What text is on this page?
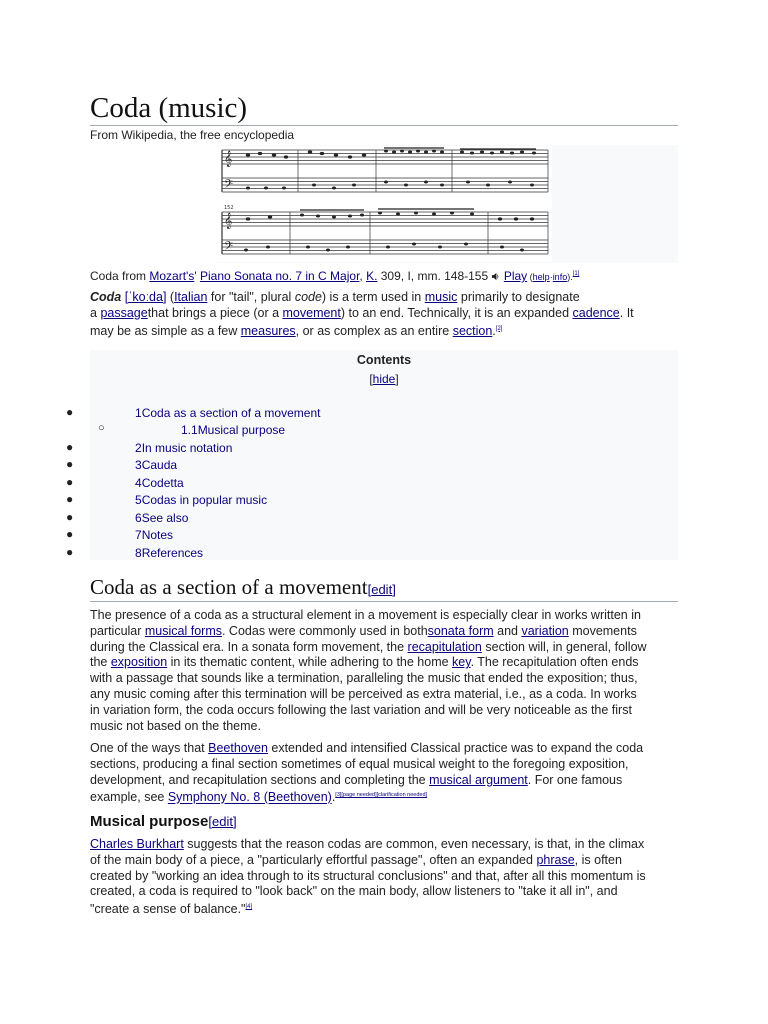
Coda (music)
From Wikipedia, the free encyclopedia
𝄞
𝄢
𝄞
𝄢
152
Coda from Mozart's' Piano Sonata no. 7 in C Major, K. 309, I, mm. 148-155  Play (help·info).[1]
Coda [ˈkoːda] (Italian for "tail", plural code) is a term used in music primarily to designate
a passagethat brings a piece (or a movement) to an end. Technically, it is an expanded cadence. It
may be as simple as a few measures, or as complex as an entire section.[2]
Contents
[hide]
●	1Coda as a section of a movement
○	1.1Musical purpose
●	2In music notation
●	3Cauda
●	4Codetta
●	5Codas in popular music
●	6See also
●	7Notes
●	8References
Coda as a section of a movement[edit]
The presence of a coda as a structural element in a movement is especially clear in works written in
particular musical forms. Codas were commonly used in bothsonata form and variation movements
during the Classical era. In a sonata form movement, the recapitulation section will, in general, follow
the exposition in its thematic content, while adhering to the home key. The recapitulation often ends
with a passage that sounds like a termination, paralleling the music that ended the exposition; thus,
any music coming after this termination will be perceived as extra material, i.e., as a coda. In works
in variation form, the coda occurs following the last variation and will be very noticeable as the first
music not based on the theme.
One of the ways that Beethoven extended and intensified Classical practice was to expand the coda
sections, producing a final section sometimes of equal musical weight to the foregoing exposition,
development, and recapitulation sections and completing the musical argument. For one famous
example, see Symphony No. 8 (Beethoven).[3][page needed][clarification needed]
Musical purpose[edit]
Charles Burkhart suggests that the reason codas are common, even necessary, is that, in the climax
of the main body of a piece, a "particularly effortful passage", often an expanded phrase, is often
created by "working an idea through to its structural conclusions" and that, after all this momentum is
created, a coda is required to "look back" on the main body, allow listeners to "take it all in", and
"create a sense of balance."[4]
